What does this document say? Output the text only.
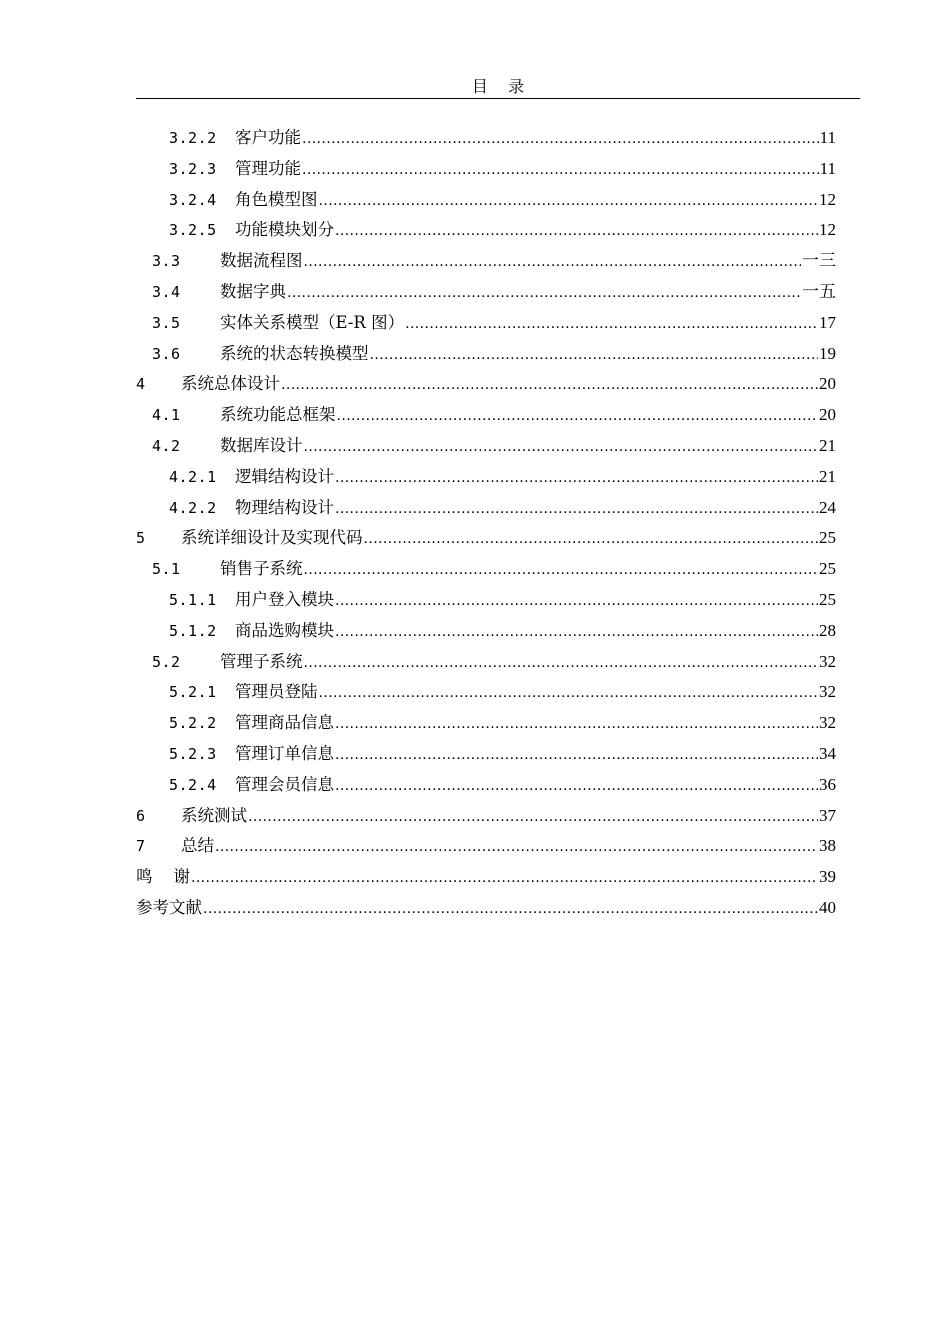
目    录
3.2.2	客户功能 .....	11
3.2.3	管理功能 .....	11
3.2.4	角色模型图 .....	12
3.2.5	功能模块划分 .....	12
3.3	数据流程图 .....	一三
3.4	数据字典 .....	一五
3.5	实体关系模型（E-R 图） .....	17
3.6	系统的状态转换模型 .....	19
4	系统总体设计 .....	20
4.1	系统功能总框架 .....	20
4.2	数据库设计 .....	21
4.2.1	逻辑结构设计 .....	21
4.2.2	物理结构设计 .....	24
5	系统详细设计及实现代码 .....	25
5.1	销售子系统 .....	25
5.1.1	用户登入模块 .....	25
5.1.2	商品选购模块 .....	28
5.2	管理子系统 .....	32
5.2.1	管理员登陆 .....	32
5.2.2	管理商品信息 .....	32
5.2.3	管理订单信息 .....	34
5.2.4	管理会员信息 .....	36
6	系统测试 .....	37
7	总结 .....	38
鸣    谢 .....	39
参考文献 .....	40
